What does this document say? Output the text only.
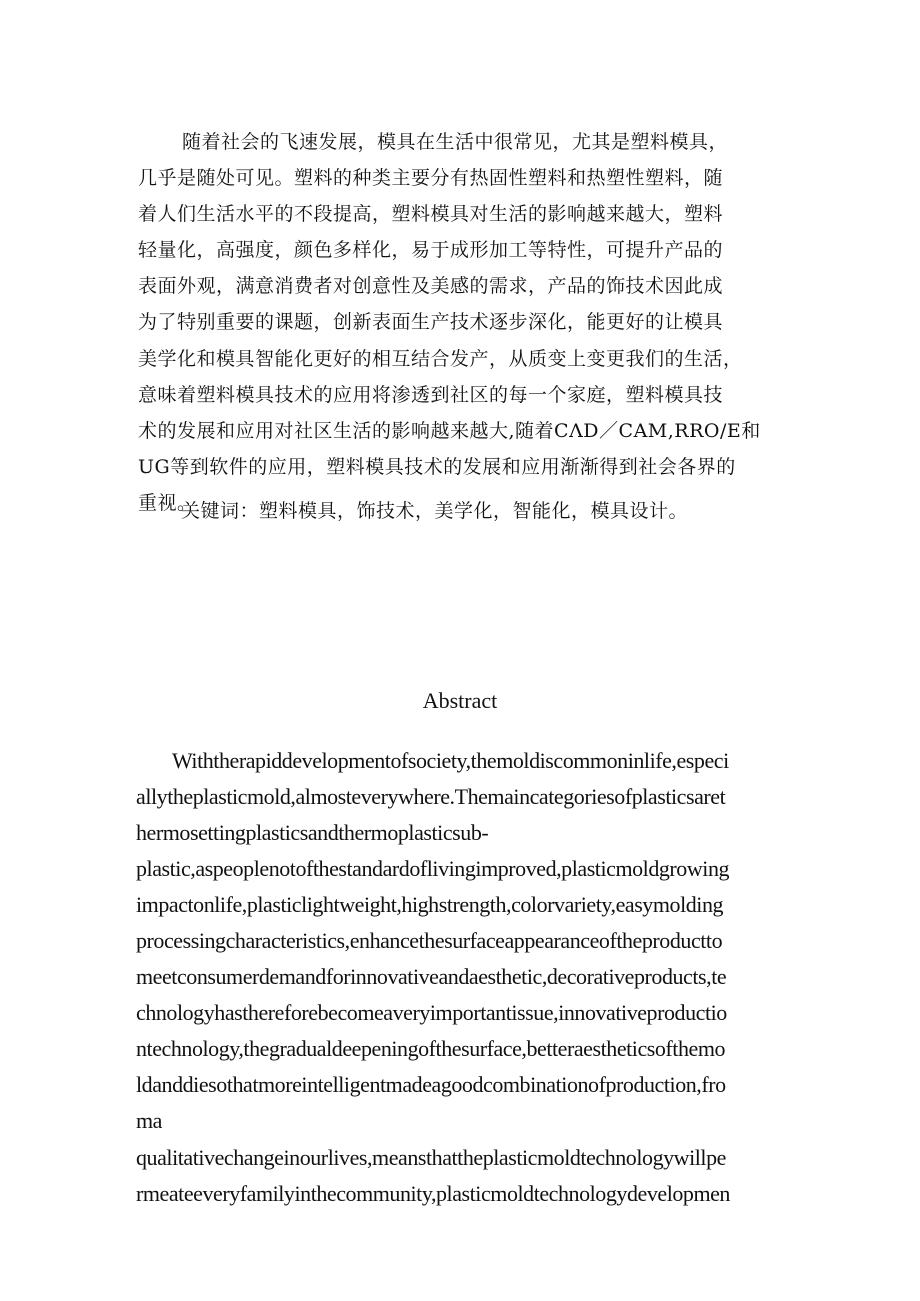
随着社会的飞速发展，模具在生活中很常见，尤其是塑料模具，
几乎是随处可见。塑料的种类主要分有热固性塑料和热塑性塑料，随
着人们生活水平的不段提高，塑料模具对生活的影响越来越大，塑料
轻量化，高强度，颜色多样化，易于成形加工等特性，可提升产品的
表面外观，满意消费者对创意性及美感的需求，产品的饰技术因此成
为了特别重要的课题，创新表面生产技术逐步深化，能更好的让模具
美学化和模具智能化更好的相互结合发产，从质变上变更我们的生活，
意味着塑料模具技术的应用将渗透到社区的每一个家庭，塑料模具技
术的发展和应用对社区生活的影响越来越大,随着CΛD／CAM,RRO/E和
UG等到软件的应用，塑料模具技术的发展和应用渐渐得到社会各界的
重视。
关键词：塑料模具，饰技术，美学化，智能化，模具设计。
Abstract
Withtherapiddevelopmentofsociety,themoldiscommoninlife,especi
allytheplasticmold,almosteverywhere.Themaincategoriesofplasticsaret
hermosettingplasticsandthermoplasticsub-
plastic,aspeoplenotofthestandardoflivingimproved,plasticmoldgrowing
impactonlife,plasticlightweight,highstrength,colorvariety,easymolding
processingcharacteristics,enhancethesurfaceappearanceoftheproductto
meetconsumerdemandforinnovativeandaesthetic,decorativeproducts,te
chnologyhasthereforebecomeaveryimportantissue,innovativeproductio
ntechnology,thegradualdeepeningofthesurface,betteraestheticsofthemo
ldanddiesothatmoreintelligentmadeagoodcombinationofproduction,fro
ma
qualitativechangeinourlives,meansthattheplasticmoldtechnologywillpe
rmeateeveryfamilyinthecommunity,plasticmoldtechnologydevelopmen
